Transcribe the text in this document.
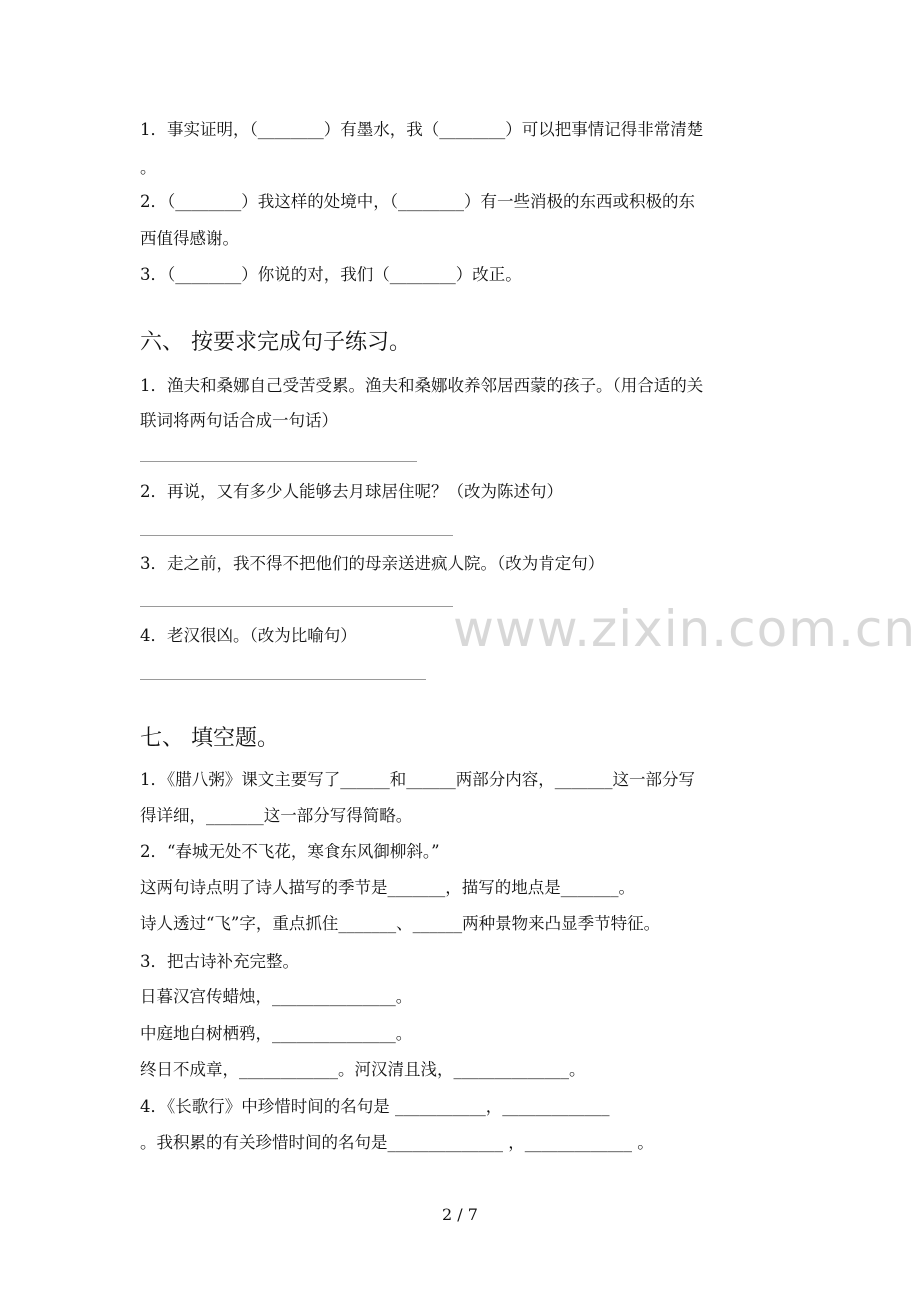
1．事实证明，（________）有墨水，我（________）可以把事情记得非常清楚
。
2．（________）我这样的处境中，（________）有一些消极的东西或积极的东
西值得感谢。
3．（________）你说的对，我们（________）改正。
六、 按要求完成句子练习。
1．渔夫和桑娜自己受苦受累。渔夫和桑娜收养邻居西蒙的孩子。（用合适的关
联词将两句话合成一句话）
2．再说，又有多少人能够去月球居住呢？（改为陈述句）
3．走之前，我不得不把他们的母亲送进疯人院。（改为肯定句）
4．老汉很凶。（改为比喻句）
七、 填空题。
1．《腊八粥》课文主要写了______和______两部分内容，_______这一部分写
得详细，_______这一部分写得简略。
2．“春城无处不飞花，寒食东风御柳斜。”
这两句诗点明了诗人描写的季节是_______，描写的地点是_______。
诗人透过“飞”字，重点抓住_______、______两种景物来凸显季节特征。
3．把古诗补充完整。
日暮汉宫传蜡烛，_______________。
中庭地白树栖鸦，_______________。
终日不成章，____________。河汉清且浅，______________。
4．《长歌行》中珍惜时间的名句是 ___________，_____________
。我积累的有关珍惜时间的名句是______________ ，_____________ 。
www.zixin.com.cn
2 / 7
